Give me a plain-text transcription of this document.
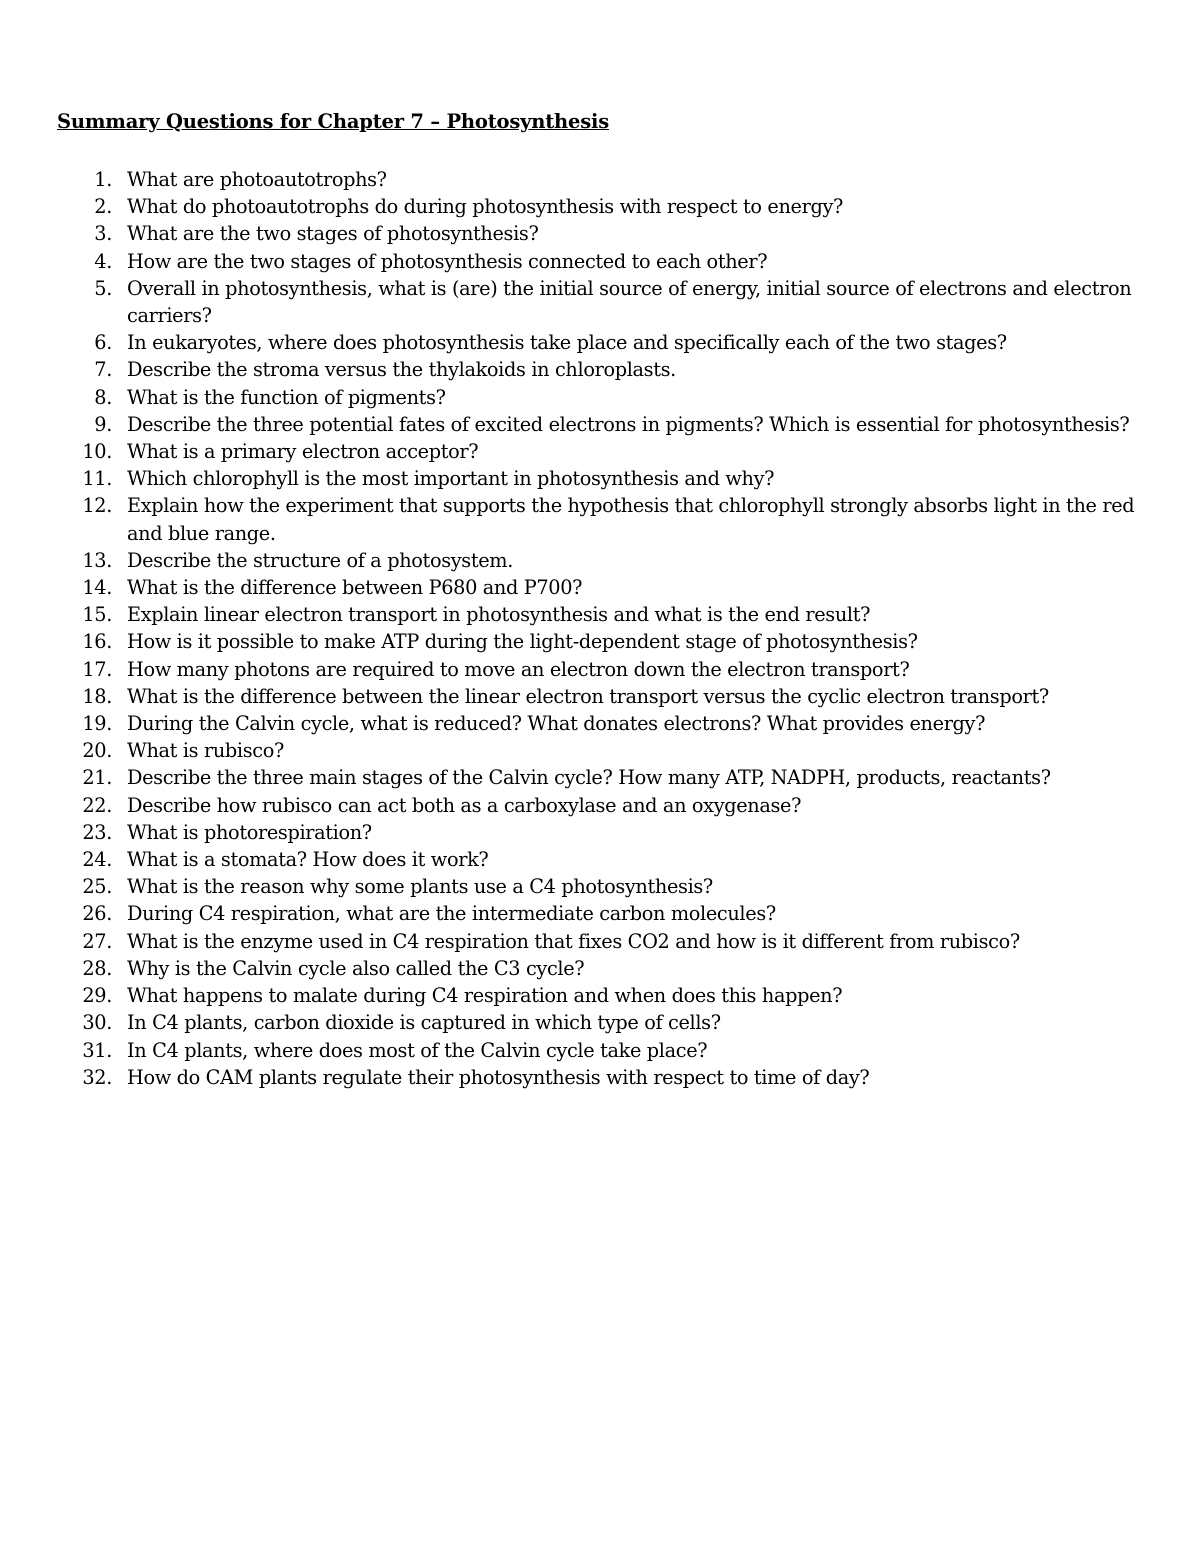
Summary Questions for Chapter 7 – Photosynthesis
1. What are photoautotrophs?
2. What do photoautotrophs do during photosynthesis with respect to energy?
3. What are the two stages of photosynthesis?
4. How are the two stages of photosynthesis connected to each other?
5. Overall in photosynthesis, what is (are) the initial source of energy, initial source of electrons and electron carriers?
6. In eukaryotes, where does photosynthesis take place and specifically each of the two stages?
7. Describe the stroma versus the thylakoids in chloroplasts.
8. What is the function of pigments?
9. Describe the three potential fates of excited electrons in pigments? Which is essential for photosynthesis?
10. What is a primary electron acceptor?
11. Which chlorophyll is the most important in photosynthesis and why?
12. Explain how the experiment that supports the hypothesis that chlorophyll strongly absorbs light in the red and blue range.
13. Describe the structure of a photosystem.
14. What is the difference between P680 and P700?
15. Explain linear electron transport in photosynthesis and what is the end result?
16. How is it possible to make ATP during the light-dependent stage of photosynthesis?
17. How many photons are required to move an electron down the electron transport?
18. What is the difference between the linear electron transport versus the cyclic electron transport?
19. During the Calvin cycle, what is reduced? What donates electrons? What provides energy?
20. What is rubisco?
21. Describe the three main stages of the Calvin cycle? How many ATP, NADPH, products, reactants?
22. Describe how rubisco can act both as a carboxylase and an oxygenase?
23. What is photorespiration?
24. What is a stomata? How does it work?
25. What is the reason why some plants use a C4 photosynthesis?
26. During C4 respiration, what are the intermediate carbon molecules?
27. What is the enzyme used in C4 respiration that fixes CO2 and how is it different from rubisco?
28. Why is the Calvin cycle also called the C3 cycle?
29. What happens to malate during C4 respiration and when does this happen?
30. In C4 plants, carbon dioxide is captured in which type of cells?
31. In C4 plants, where does most of the Calvin cycle take place?
32. How do CAM plants regulate their photosynthesis with respect to time of day?
